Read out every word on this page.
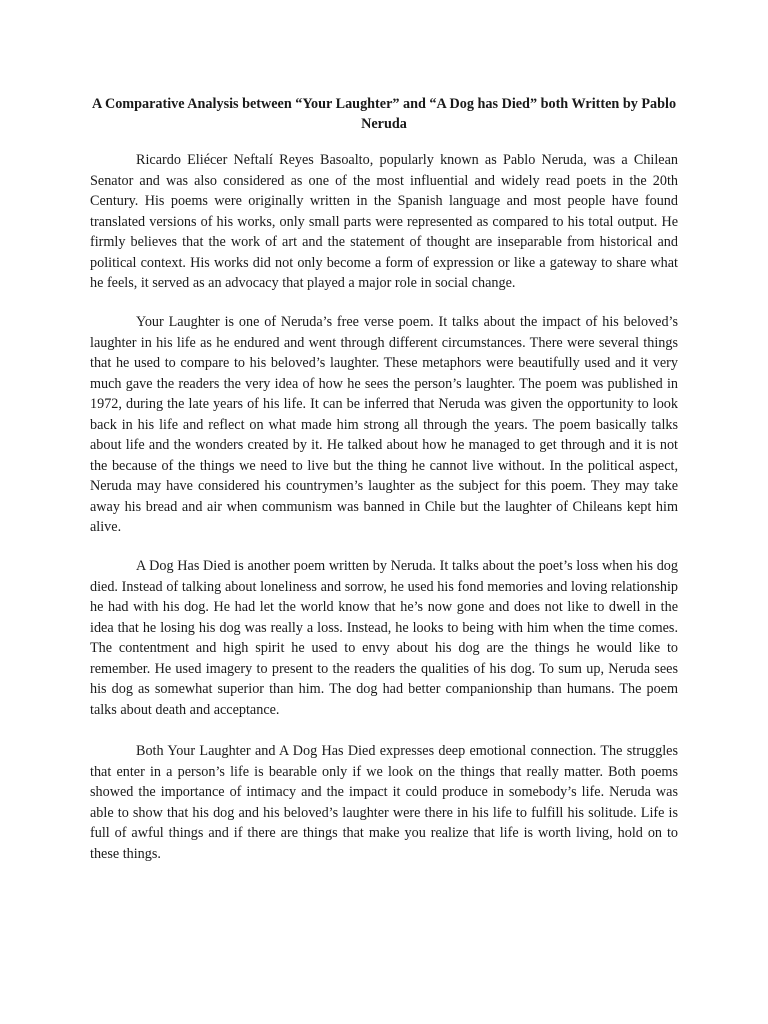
A Comparative Analysis between “Your Laughter” and “A Dog has Died” both Written by Pablo Neruda

Ricardo Eliécer Neftalí Reyes Basoalto, popularly known as Pablo Neruda, was a Chilean Senator and was also considered as one of the most influential and widely read poets in the 20th Century. His poems were originally written in the Spanish language and most people have found translated versions of his works, only small parts were represented as compared to his total output. He firmly believes that the work of art and the statement of thought are inseparable from historical and political context. His works did not only become a form of expression or like a gateway to share what he feels, it served as an advocacy that played a major role in social change.

Your Laughter is one of Neruda’s free verse poem. It talks about the impact of his beloved’s laughter in his life as he endured and went through different circumstances. There were several things that he used to compare to his beloved’s laughter. These metaphors were beautifully used and it very much gave the readers the very idea of how he sees the person’s laughter. The poem was published in 1972, during the late years of his life. It can be inferred that Neruda was given the opportunity to look back in his life and reflect on what made him strong all through the years. The poem basically talks about life and the wonders created by it. He talked about how he managed to get through and it is not the because of the things we need to live but the thing he cannot live without. In the political aspect, Neruda may have considered his countrymen’s laughter as the subject for this poem. They may take away his bread and air when communism was banned in Chile but the laughter of Chileans kept him alive.

A Dog Has Died is another poem written by Neruda. It talks about the poet’s loss when his dog died. Instead of talking about loneliness and sorrow, he used his fond memories and loving relationship he had with his dog. He had let the world know that he’s now gone and does not like to dwell in the idea that he losing his dog was really a loss. Instead, he looks to being with him when the time comes. The contentment and high spirit he used to envy about his dog are the things he would like to remember. He used imagery to present to the readers the qualities of his dog. To sum up, Neruda sees his dog as somewhat superior than him. The dog had better companionship than humans. The poem talks about death and acceptance.

Both Your Laughter and A Dog Has Died expresses deep emotional connection. The struggles that enter in a person’s life is bearable only if we look on the things that really matter. Both poems showed the importance of intimacy and the impact it could produce in somebody’s life. Neruda was able to show that his dog and his beloved’s laughter were there in his life to fulfill his solitude. Life is full of awful things and if there are things that make you realize that life is worth living, hold on to these things.
